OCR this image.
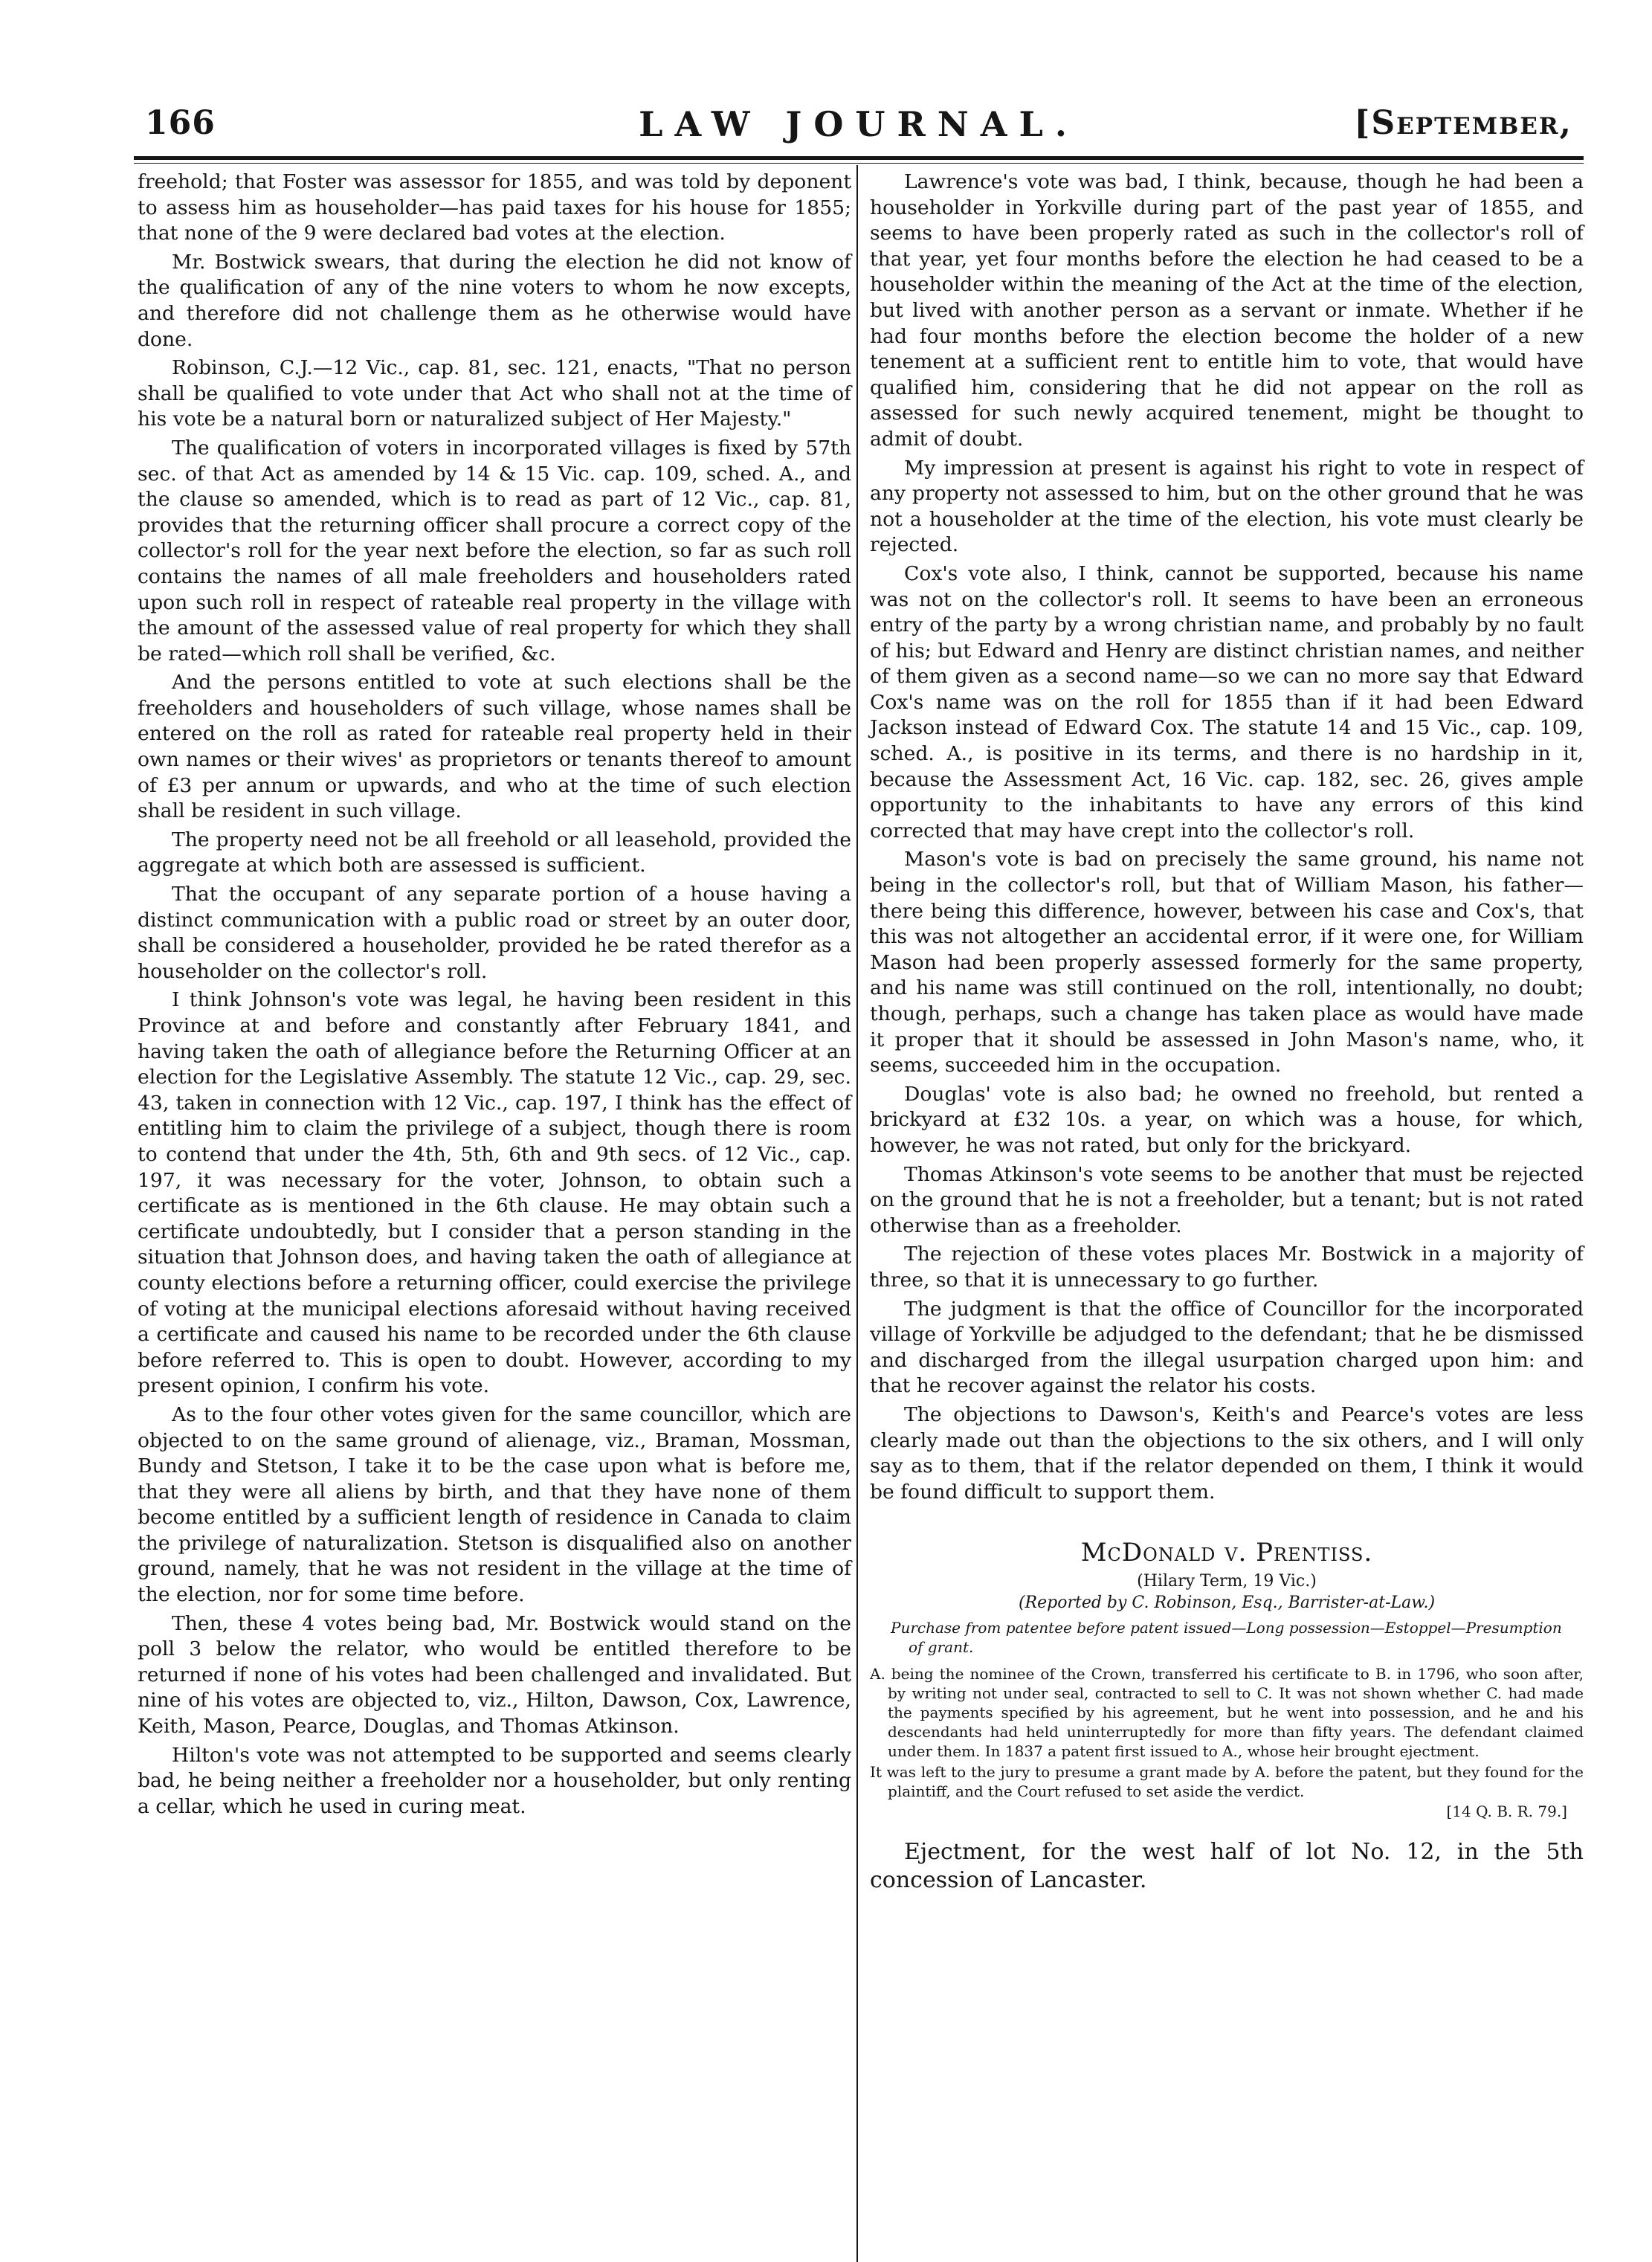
166	LAW JOURNAL.	[September,

freehold; that Foster was assessor for 1855, and was told by deponent to assess him as householder—has paid taxes for his house for 1855; that none of the 9 were declared bad votes at the election.

Mr. Bostwick swears, that during the election he did not know of the qualification of any of the nine voters to whom he now excepts, and therefore did not challenge them as he otherwise would have done.

Robinson, C.J.—12 Vic., cap. 81, sec. 121, enacts, "That no person shall be qualified to vote under that Act who shall not at the time of his vote be a natural born or naturalized subject of Her Majesty."

The qualification of voters in incorporated villages is fixed by 57th sec. of that Act as amended by 14 & 15 Vic. cap. 109, sched. A., and the clause so amended, which is to read as part of 12 Vic., cap. 81, provides that the returning officer shall procure a correct copy of the collector's roll for the year next before the election, so far as such roll contains the names of all male freeholders and householders rated upon such roll in respect of rateable real property in the village with the amount of the assessed value of real property for which they shall be rated—which roll shall be verified, &c.

And the persons entitled to vote at such elections shall be the freeholders and householders of such village, whose names shall be entered on the roll as rated for rateable real property held in their own names or their wives' as proprietors or tenants thereof to amount of £3 per annum or upwards, and who at the time of such election shall be resident in such village.

The property need not be all freehold or all leasehold, provided the aggregate at which both are assessed is sufficient.

That the occupant of any separate portion of a house having a distinct communication with a public road or street by an outer door, shall be considered a householder, provided he be rated therefor as a householder on the collector's roll.

I think Johnson's vote was legal, he having been resident in this Province at and before and constantly after February 1841, and having taken the oath of allegiance before the Returning Officer at an election for the Legislative Assembly. The statute 12 Vic., cap. 29, sec. 43, taken in connection with 12 Vic., cap. 197, I think has the effect of entitling him to claim the privilege of a subject, though there is room to contend that under the 4th, 5th, 6th and 9th secs. of 12 Vic., cap. 197, it was necessary for the voter, Johnson, to obtain such a certificate as is mentioned in the 6th clause. He may obtain such a certificate undoubtedly, but I consider that a person standing in the situation that Johnson does, and having taken the oath of allegiance at county elections before a returning officer, could exercise the privilege of voting at the municipal elections aforesaid without having received a certificate and caused his name to be recorded under the 6th clause before referred to. This is open to doubt. However, according to my present opinion, I confirm his vote.

As to the four other votes given for the same councillor, which are objected to on the same ground of alienage, viz., Braman, Mossman, Bundy and Stetson, I take it to be the case upon what is before me, that they were all aliens by birth, and that they have none of them become entitled by a sufficient length of residence in Canada to claim the privilege of naturalization. Stetson is disqualified also on another ground, namely, that he was not resident in the village at the time of the election, nor for some time before.

Then, these 4 votes being bad, Mr. Bostwick would stand on the poll 3 below the relator, who would be entitled therefore to be returned if none of his votes had been challenged and invalidated. But nine of his votes are objected to, viz., Hilton, Dawson, Cox, Lawrence, Keith, Mason, Pearce, Douglas, and Thomas Atkinson.

Hilton's vote was not attempted to be supported and seems clearly bad, he being neither a freeholder nor a householder, but only renting a cellar, which he used in curing meat.

Lawrence's vote was bad, I think, because, though he had been a householder in Yorkville during part of the past year of 1855, and seems to have been properly rated as such in the collector's roll of that year, yet four months before the election he had ceased to be a householder within the meaning of the Act at the time of the election, but lived with another person as a servant or inmate. Whether if he had four months before the election become the holder of a new tenement at a sufficient rent to entitle him to vote, that would have qualified him, considering that he did not appear on the roll as assessed for such newly acquired tenement, might be thought to admit of doubt.

My impression at present is against his right to vote in respect of any property not assessed to him, but on the other ground that he was not a householder at the time of the election, his vote must clearly be rejected.

Cox's vote also, I think, cannot be supported, because his name was not on the collector's roll. It seems to have been an erroneous entry of the party by a wrong christian name, and probably by no fault of his; but Edward and Henry are distinct christian names, and neither of them given as a second name—so we can no more say that Edward Cox's name was on the roll for 1855 than if it had been Edward Jackson instead of Edward Cox. The statute 14 and 15 Vic., cap. 109, sched. A., is positive in its terms, and there is no hardship in it, because the Assessment Act, 16 Vic. cap. 182, sec. 26, gives ample opportunity to the inhabitants to have any errors of this kind corrected that may have crept into the collector's roll.

Mason's vote is bad on precisely the same ground, his name not being in the collector's roll, but that of William Mason, his father—there being this difference, however, between his case and Cox's, that this was not altogether an accidental error, if it were one, for William Mason had been properly assessed formerly for the same property, and his name was still continued on the roll, intentionally, no doubt; though, perhaps, such a change has taken place as would have made it proper that it should be assessed in John Mason's name, who, it seems, succeeded him in the occupation.

Douglas' vote is also bad; he owned no freehold, but rented a brickyard at £32 10s. a year, on which was a house, for which, however, he was not rated, but only for the brickyard.

Thomas Atkinson's vote seems to be another that must be rejected on the ground that he is not a freeholder, but a tenant; but is not rated otherwise than as a freeholder.

The rejection of these votes places Mr. Bostwick in a majority of three, so that it is unnecessary to go further.

The judgment is that the office of Councillor for the incorporated village of Yorkville be adjudged to the defendant; that he be dismissed and discharged from the illegal usurpation charged upon him: and that he recover against the relator his costs.

The objections to Dawson's, Keith's and Pearce's votes are less clearly made out than the objections to the six others, and I will only say as to them, that if the relator depended on them, I think it would be found difficult to support them.

McDonald v. Prentiss.

(Hilary Term, 19 Vic.)

(Reported by C. Robinson, Esq., Barrister-at-Law.)

Purchase from patentee before patent issued—Long possession—Estoppel—Presumption of grant.

A. being the nominee of the Crown, transferred his certificate to B. in 1796, who soon after, by writing not under seal, contracted to sell to C. It was not shown whether C. had made the payments specified by his agreement, but he went into possession, and he and his descendants had held uninterruptedly for more than fifty years. The defendant claimed under them. In 1837 a patent first issued to A., whose heir brought ejectment.

It was left to the jury to presume a grant made by A. before the patent, but they found for the plaintiff, and the Court refused to set aside the verdict.

[14 Q. B. R. 79.]

Ejectment, for the west half of lot No. 12, in the 5th concession of Lancaster.
